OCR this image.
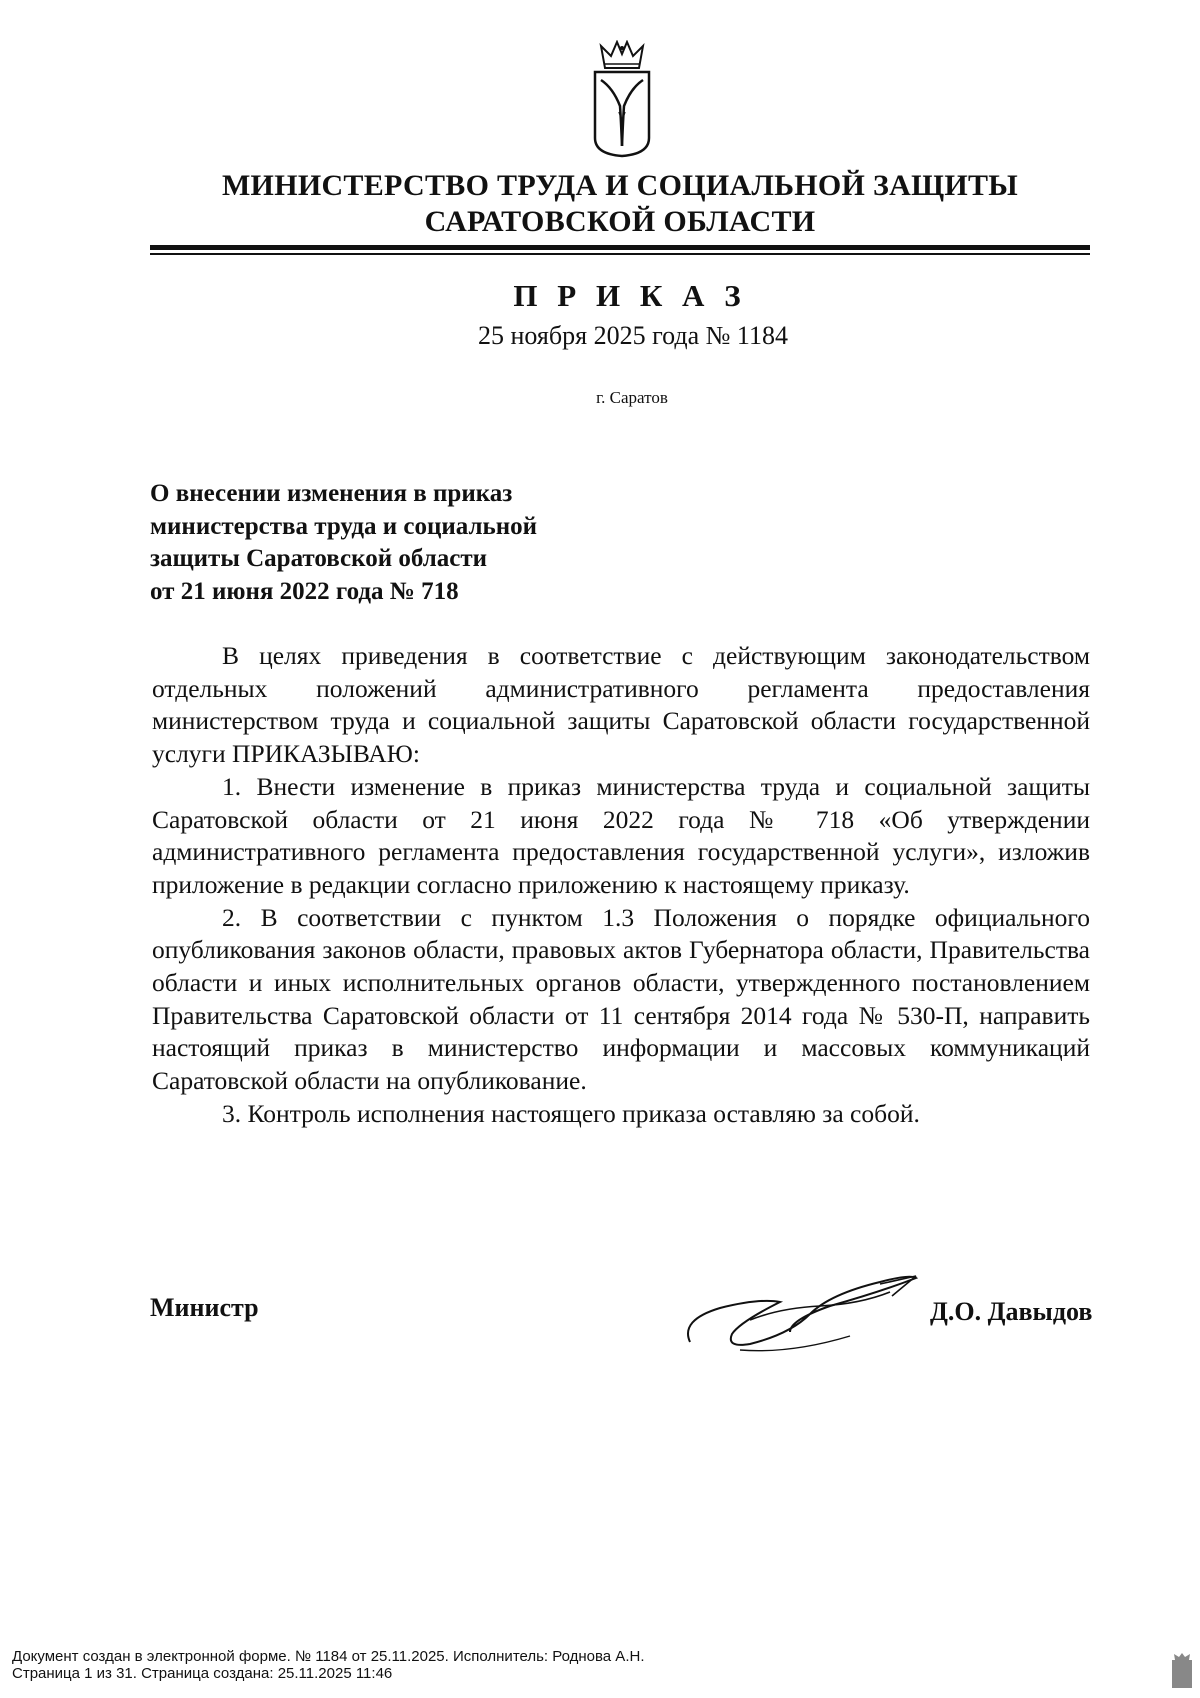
МИНИСТЕРСТВО ТРУДА И СОЦИАЛЬНОЙ ЗАЩИТЫ
САРАТОВСКОЙ ОБЛАСТИ
П Р И К А З
25 ноября 2025 года № 1184
г. Саратов
О внесении изменения в приказ
министерства труда и социальной
защиты Саратовской области
от 21 июня 2022 года № 718

В целях приведения в соответствие с действующим законодательством отдельных положений административного регламента предоставления министерством труда и социальной защиты Саратовской области государственной услуги ПРИКАЗЫВАЮ:

1. Внести изменение в приказ министерства труда и социальной защиты Саратовской области от 21 июня 2022 года № 718 «Об утверждении административного регламента предоставления государственной услуги», изложив приложение в редакции согласно приложению к настоящему приказу.

2. В соответствии с пунктом 1.3 Положения о порядке официального опубликования законов области, правовых актов Губернатора области, Правительства области и иных исполнительных органов области, утвержденного постановлением Правительства Саратовской области от 11 сентября 2014 года № 530-П, направить настоящий приказ в министерство информации и массовых коммуникаций Саратовской области на опубликование.

3. Контроль исполнения настоящего приказа оставляю за собой.

Министр	Д.О. Давыдов
Документ создан в электронной форме. № 1184 от 25.11.2025. Исполнитель: Роднова А.Н.
Страница 1 из 31. Страница создана: 25.11.2025 11:46
